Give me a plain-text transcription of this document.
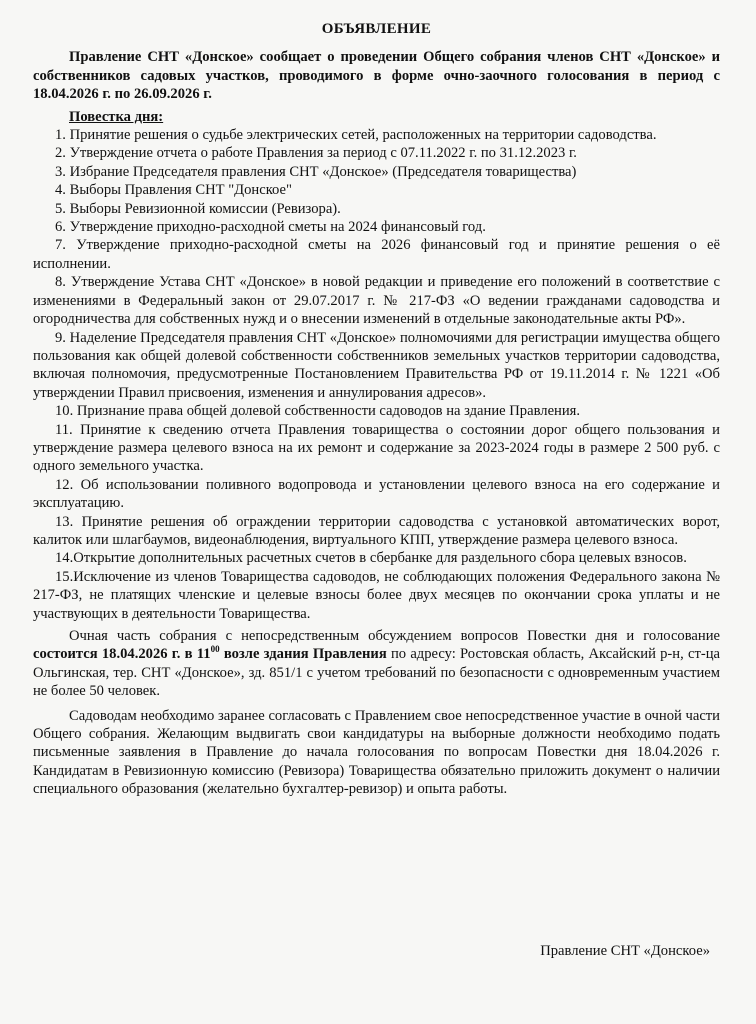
ОБЪЯВЛЕНИЕ

Правление СНТ «Донское» сообщает о проведении Общего собрания членов СНТ «Донское» и собственников садовых участков, проводимого в форме очно-заочного голосования в период с 18.04.2026 г. по 26.09.2026 г.

Повестка дня:

1. Принятие решения о судьбе электрических сетей, расположенных на территории садоводства.

2. Утверждение отчета о работе Правления за период с 07.11.2022 г. по 31.12.2023 г.

3. Избрание Председателя правления СНТ «Донское» (Председателя товарищества)

4. Выборы Правления СНТ "Донское"

5. Выборы Ревизионной комиссии (Ревизора).

6. Утверждение приходно-расходной сметы на 2024 финансовый год.

7. Утверждение приходно-расходной сметы на 2026 финансовый год и принятие решения о её исполнении.

8. Утверждение Устава СНТ «Донское» в новой редакции и приведение его положений в соответствие с изменениями в Федеральный закон от 29.07.2017 г. № 217-ФЗ «О ведении гражданами садоводства и огородничества для собственных нужд и о внесении изменений в отдельные законодательные акты РФ».

9. Наделение Председателя правления СНТ «Донское» полномочиями для регистрации имущества общего пользования как общей долевой собственности собственников земельных участков территории садоводства, включая полномочия, предусмотренные Постановлением Правительства РФ от 19.11.2014 г. № 1221 «Об утверждении Правил присвоения, изменения и аннулирования адресов».

10. Признание права общей долевой собственности садоводов на здание Правления.

11. Принятие к сведению отчета Правления товарищества о состоянии дорог общего пользования и утверждение размера целевого взноса на их ремонт и содержание за 2023-2024 годы в размере 2 500 руб. с одного земельного участка.

12. Об использовании поливного водопровода и установлении целевого взноса на его содержание и эксплуатацию.

13. Принятие решения об ограждении территории садоводства с установкой автоматических ворот, калиток или шлагбаумов, видеонаблюдения, виртуального КПП, утверждение размера целевого взноса.

14.Открытие дополнительных расчетных счетов в сбербанке для раздельного сбора целевых взносов.

15.Исключение из членов Товарищества садоводов, не соблюдающих положения Федерального закона № 217-ФЗ, не платящих членские и целевые взносы более двух месяцев по окончании срока уплаты и не участвующих в деятельности Товарищества.

Очная часть собрания с непосредственным обсуждением вопросов Повестки дня и голосование состоится 18.04.2026 г. в $11^{00}$ возле здания Правления по адресу: Ростовская область, Аксайский р-н, ст-ца Ольгинская, тер. СНТ «Донское», зд. 851/1 с учетом требований по безопасности с одновременным участием не более 50 человек.

Садоводам необходимо заранее согласовать с Правлением свое непосредственное участие в очной части Общего собрания. Желающим выдвигать свои кандидатуры на выборные должности необходимо подать письменные заявления в Правление до начала голосования по вопросам Повестки дня 18.04.2026 г. Кандидатам в Ревизионную комиссию (Ревизора) Товарищества обязательно приложить документ о наличии специального образования (желательно бухгалтер-ревизор) и опыта работы.

Правление СНТ «Донское»
